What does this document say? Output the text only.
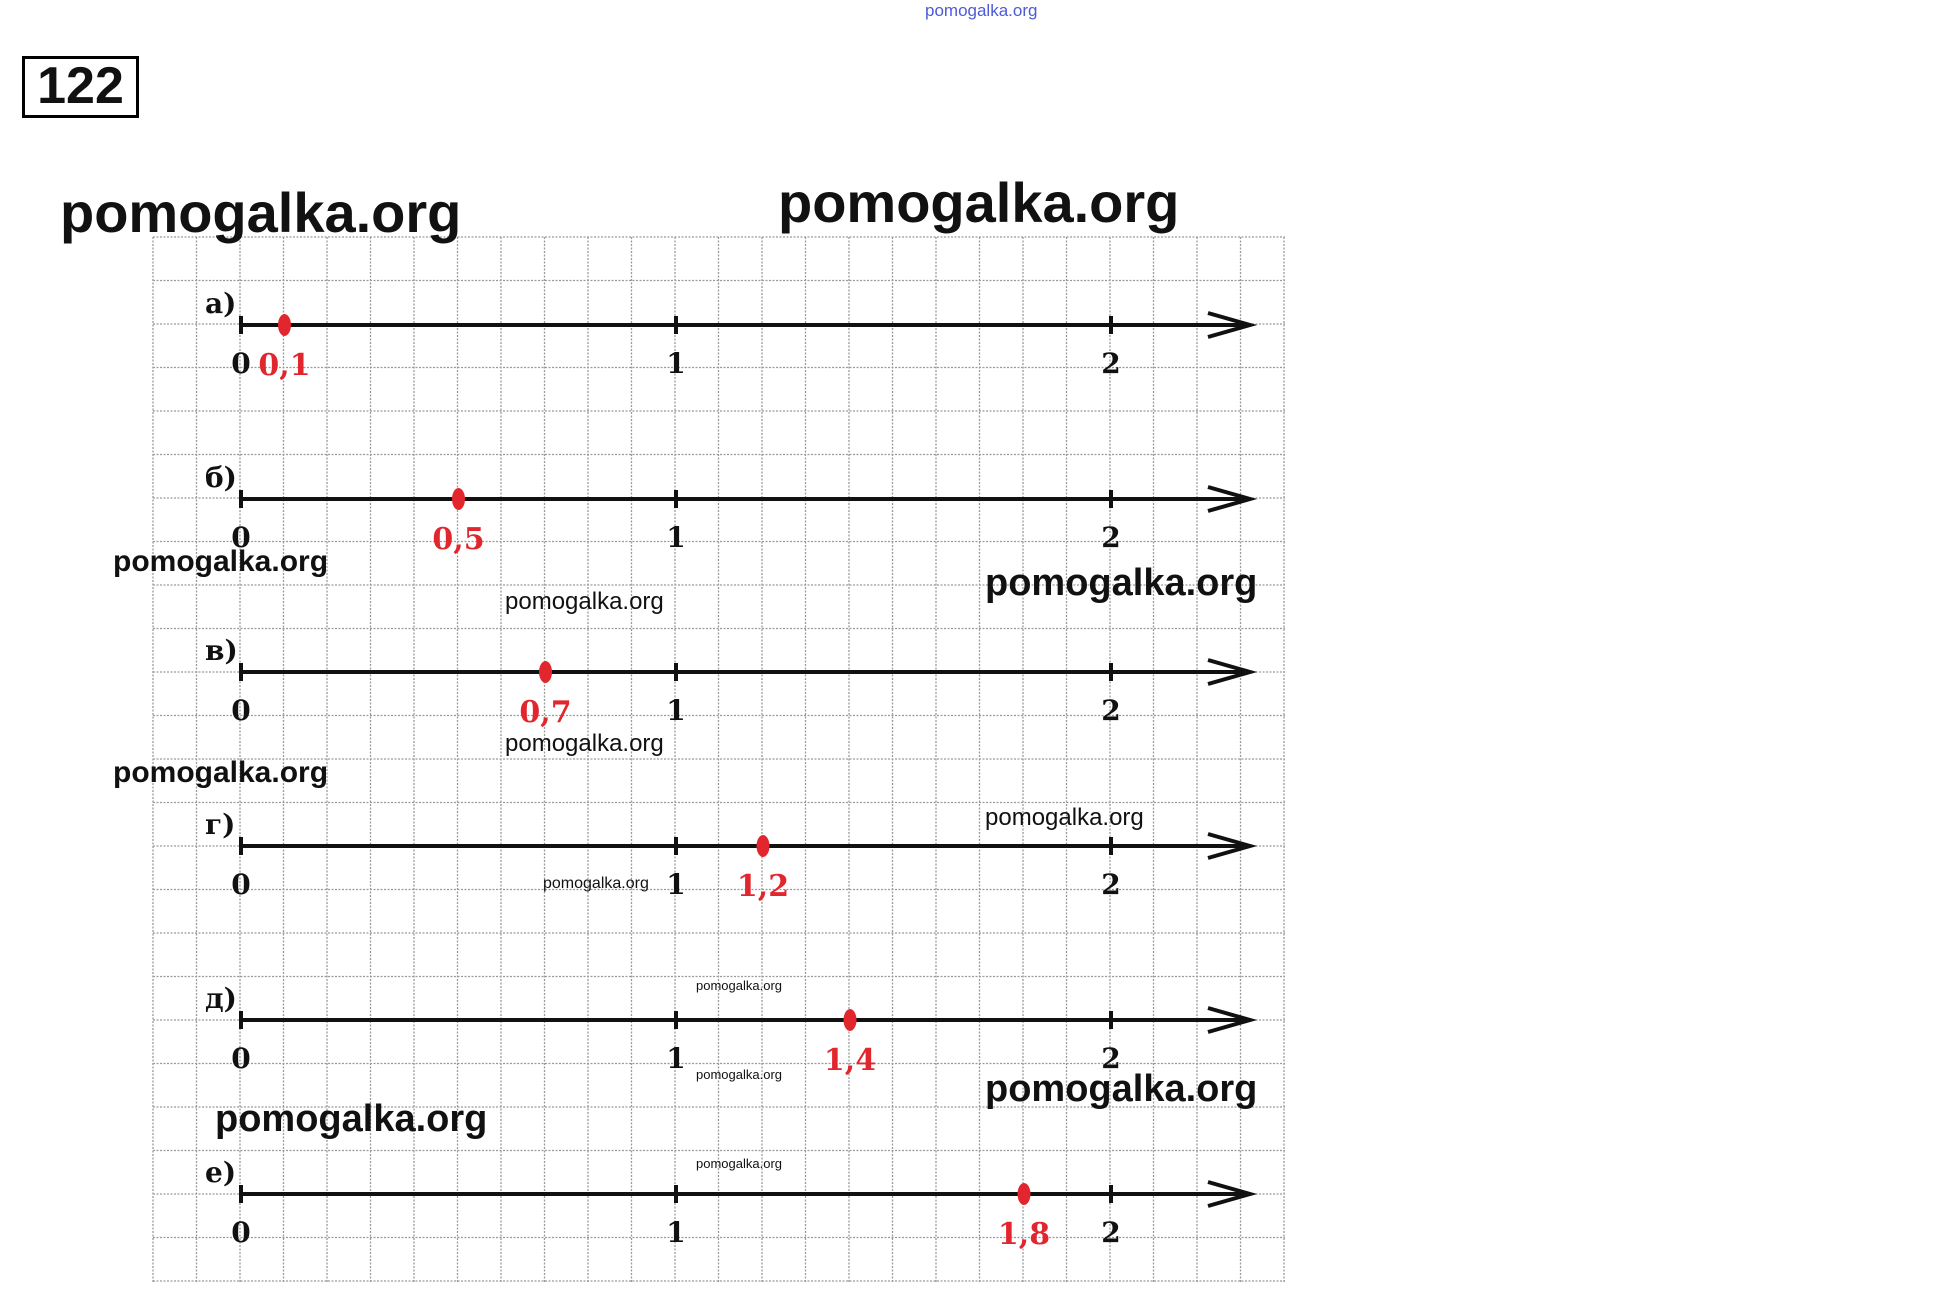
pomogalka.org
122
а)
0	1	2
0,1
б)
0	1	2
0,5
в)
0	1	2
0,7
г)
0	1	2
1,2
д)
0	1	2
1,4
е)
0	1	2
1,8
pomogalka.org	pomogalka.org
pomogalka.org
pomogalka.org	pomogalka.org
pomogalka.org
pomogalka.org
pomogalka.org
pomogalka.org
pomogalka.org
pomogalka.org	pomogalka.org
pomogalka.org
pomogalka.org
